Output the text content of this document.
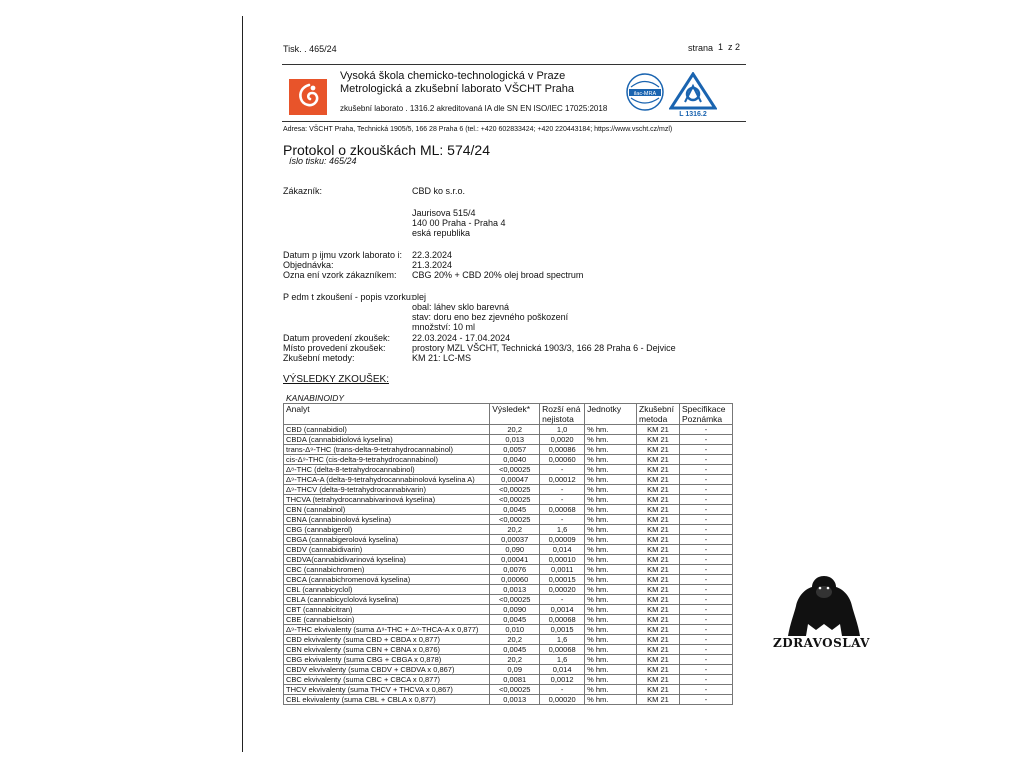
Tisk. . 465/24	strana 1 z 2
Vysoká škola chemicko-technologická v Praze
Metrologická a zkušební laborato VŠCHT Praha
zkušební laborato . 1316.2 akreditovaná IA dle SN EN ISO/IEC 17025:2018
ilac-MRA
L 1316.2
Adresa: VŠCHT Praha, Technická 1905/5, 166 28 Praha 6 (tel.: +420 602833424; +420 220443184; https://www.vscht.cz/mzl)
Protokol o zkouškách ML: 574/24
íslo tisku: 465/24
Zákazník:	CBD ko s.r.o.
Jaurisova 515/4
140 00 Praha - Praha 4
eská republika
Datum p ijmu vzork laborato i: 22.3.2024
Objednávka:	21.3.2024
Ozna ení vzork zákazníkem: CBG 20% + CBD 20% olej broad spectrum
P edm t zkoušení - popis vzorku:
olej
obal: láhev sklo barevná
stav: doru eno bez zjevného poškození
množství: 10 ml
Datum provedení zkoušek: 22.03.2024 - 17.04.2024
Místo provedení zkoušek:	prostory MZL VŠCHT, Technická 1903/3, 166 28 Praha 6 - Dejvice
Zkušební metody:	KM 21: LC-MS
VÝSLEDKY ZKOUŠEK:
KANABINOIDY
Analyt	Výsledek*	Rozší ená nejistota	Jednotky	Zkušební metoda	Specifikace Poznámka
CBD (cannabidiol)	20,2	1,0	% hm.	KM 21	-
CBDA (cannabidiolová kyselina)	0,013	0,0020	% hm.	KM 21	-
trans-Δ⁹-THC (trans-delta-9-tetrahydrocannabinol)	0,0057	0,00086	% hm.	KM 21	-
cis-Δ⁹-THC (cis-delta-9-tetrahydrocannabinol)	0,0040	0,00060	% hm.	KM 21	-
Δ⁸-THC (delta-8-tetrahydrocannabinol)	<0,00025	-	% hm.	KM 21	-
Δ⁹-THCA-A (delta-9-tetrahydrocannabinolová kyselina A)	0,00047	0,00012	% hm.	KM 21	-
Δ⁹-THCV (delta-9-tetrahydrocannabivarin)	<0,00025	-	% hm.	KM 21	-
THCVA (tetrahydrocannabivarinová kyselina)	<0,00025	-	% hm.	KM 21	-
CBN (cannabinol)	0,0045	0,00068	% hm.	KM 21	-
CBNA (cannabinolová kyselina)	<0,00025	-	% hm.	KM 21	-
CBG (cannabigerol)	20,2	1,6	% hm.	KM 21	-
CBGA (cannabigerolová kyselina)	0,00037	0,00009	% hm.	KM 21	-
CBDV (cannabidivarin)	0,090	0,014	% hm.	KM 21	-
CBDVA(cannabidivarinová kyselina)	0,00041	0,00010	% hm.	KM 21	-
CBC (cannabichromen)	0,0076	0,0011	% hm.	KM 21	-
CBCA (cannabichromenová kyselina)	0,00060	0,00015	% hm.	KM 21	-
CBL (cannabicyclol)	0,0013	0,00020	% hm.	KM 21	-
CBLA (cannabicyclolová kyselina)	<0,00025	-	% hm.	KM 21	-
CBT (cannabicitran)	0,0090	0,0014	% hm.	KM 21	-
CBE (cannabielsoin)	0,0045	0,00068	% hm.	KM 21	-
Δ⁹-THC ekvivalenty (suma Δ⁹-THC + Δ⁹-THCA-A x 0,877)	0,010	0,0015	% hm.	KM 21	-
CBD ekvivalenty (suma CBD + CBDA x 0,877)	20,2	1,6	% hm.	KM 21	-
CBN ekvivalenty (suma CBN + CBNA x 0,876)	0,0045	0,00068	% hm.	KM 21	-
CBG ekvivalenty (suma CBG + CBGA x 0,878)	20,2	1,6	% hm.	KM 21	-
CBDV ekvivalenty (suma CBDV + CBDVA x 0,867)	0,09	0,014	% hm.	KM 21	-
CBC ekvivalenty (suma CBC + CBCA x 0,877)	0,0081	0,0012	% hm.	KM 21	-
THCV ekvivalenty (suma THCV + THCVA x 0,867)	<0,00025	-	% hm.	KM 21	-
CBL ekvivalenty (suma CBL + CBLA x 0,877)	0,0013	0,00020	% hm.	KM 21	-
ZDRAVOSLAV
